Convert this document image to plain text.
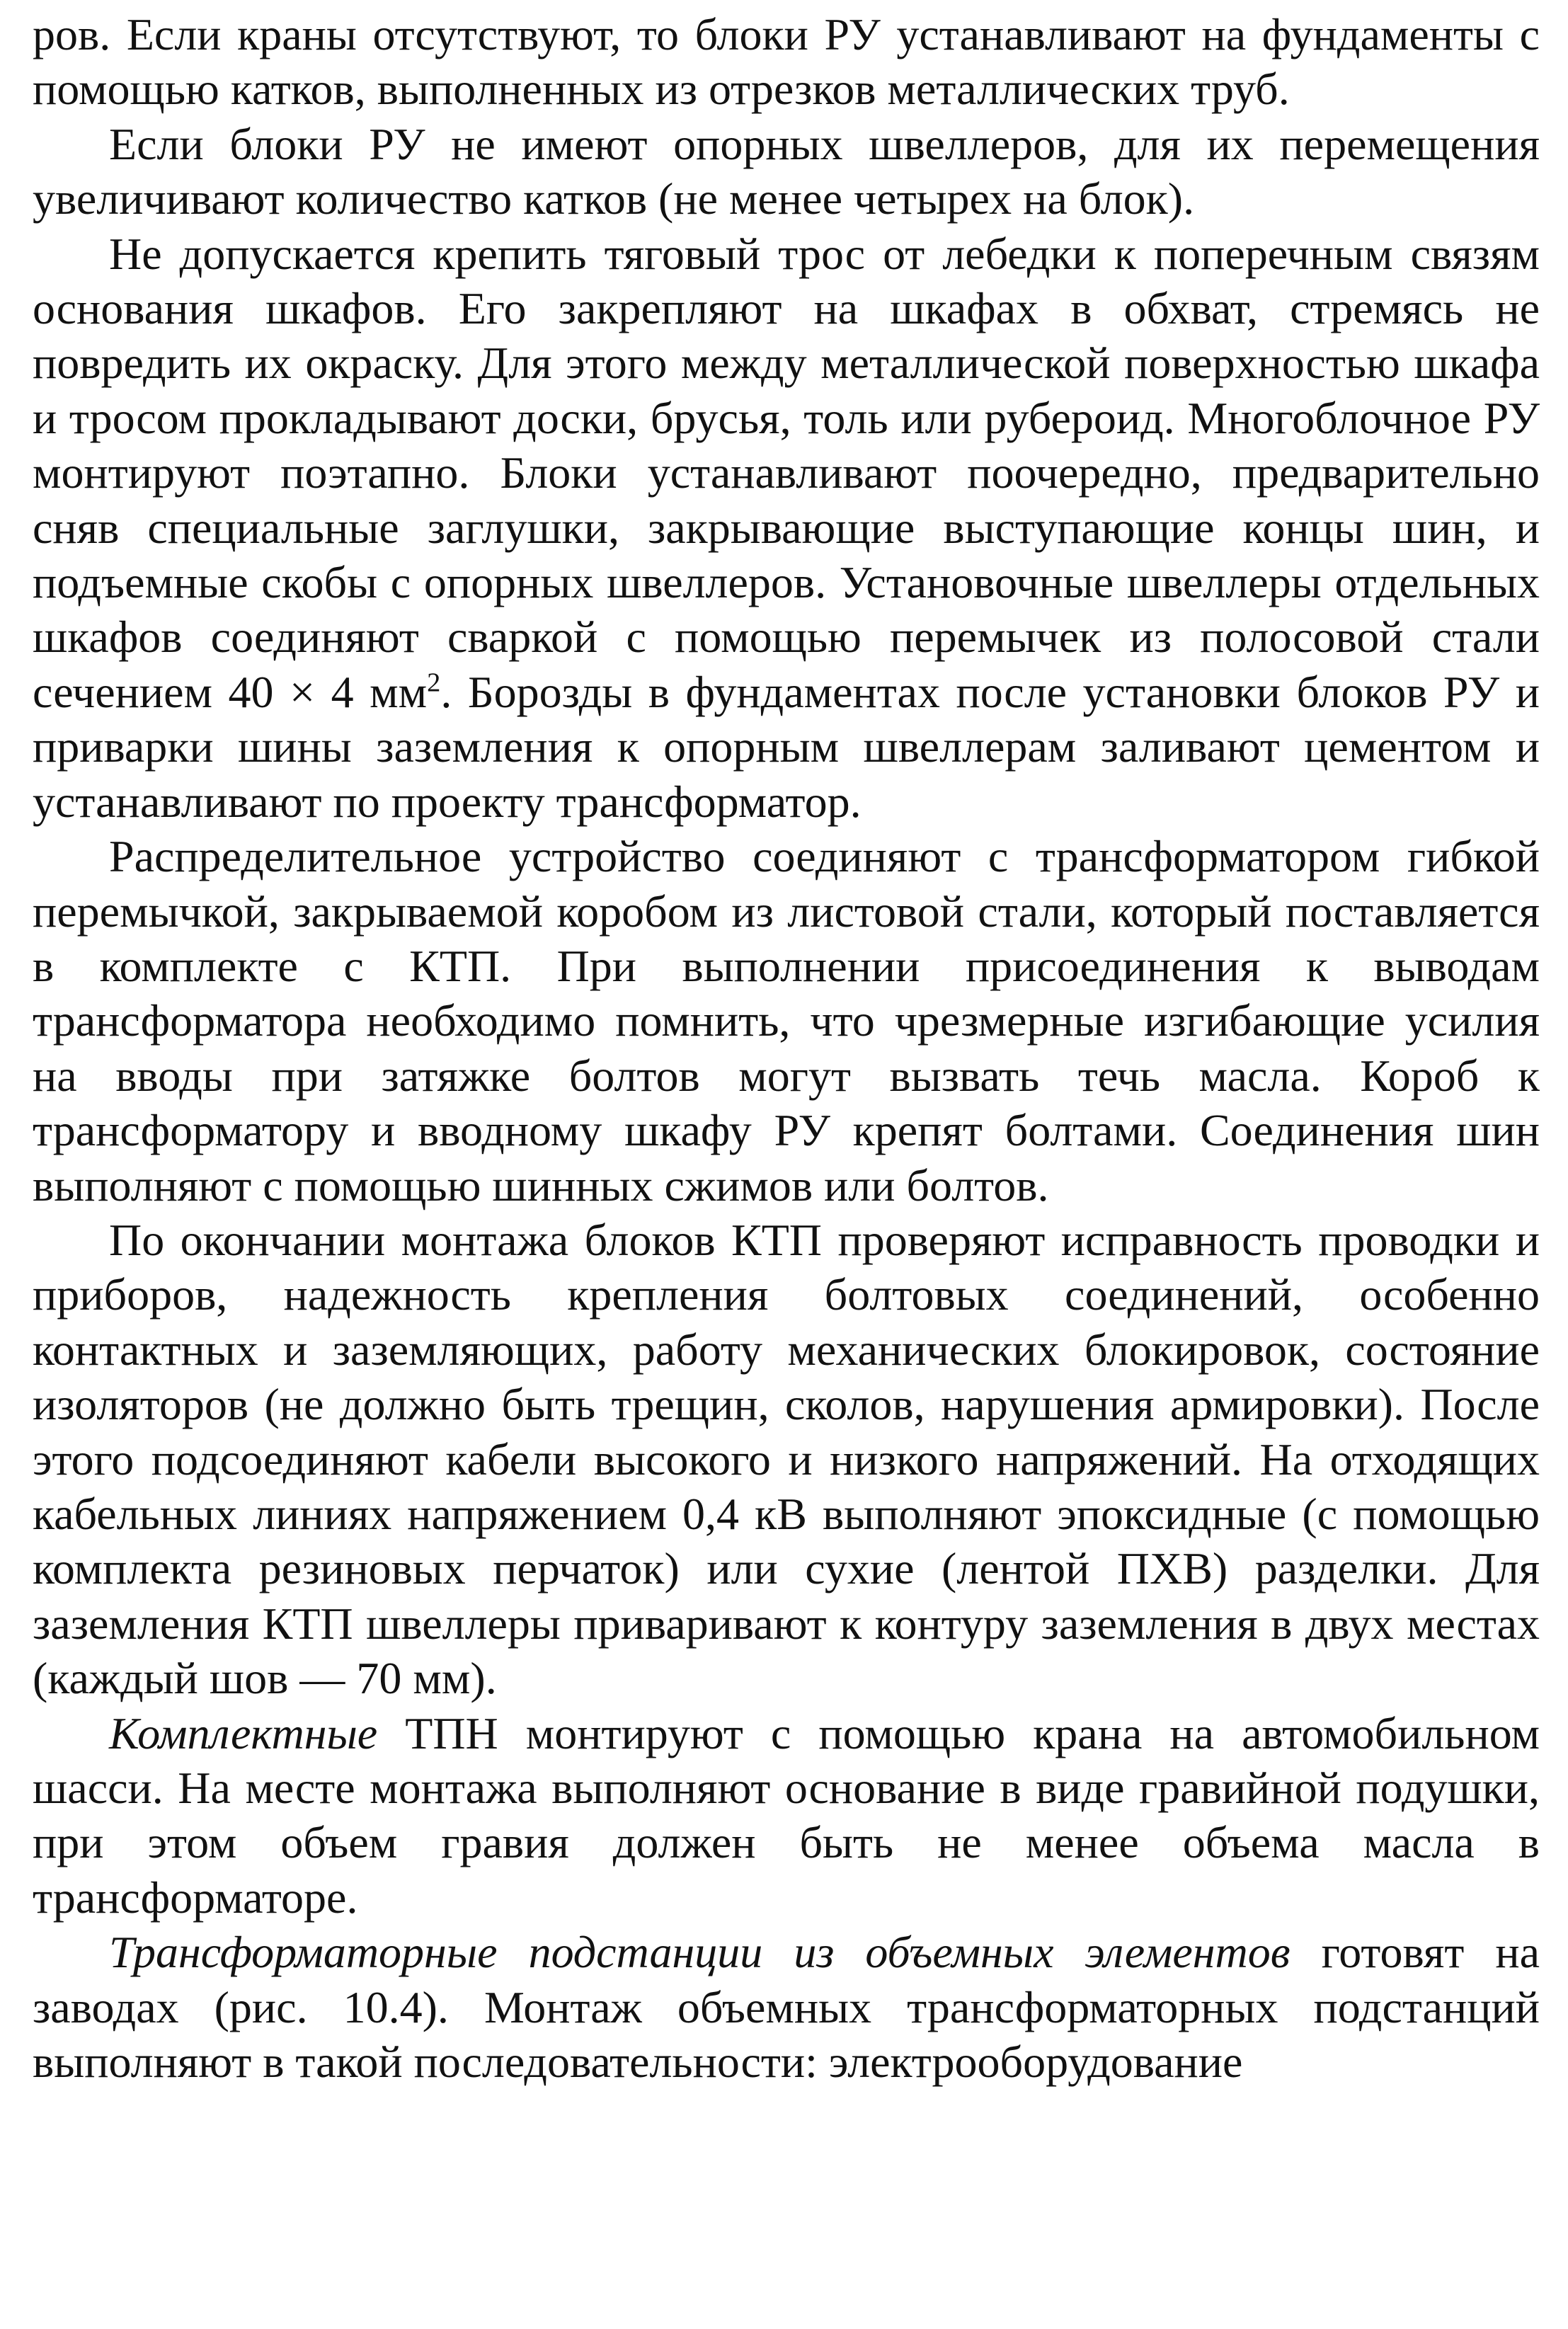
ров. Если краны отсутствуют, то блоки РУ устанавливают на фундаменты с помощью катков, выполненных из отрезков металлических труб.

Если блоки РУ не имеют опорных швеллеров, для их перемещения увеличивают количество катков (не менее четырех на блок).

Не допускается крепить тяговый трос от лебедки к поперечным связям основания шкафов. Его закрепляют на шкафах в обхват, стремясь не повредить их окраску. Для этого между металлической поверхностью шкафа и тросом прокладывают доски, брусья, толь или рубероид. Многоблочное РУ монтируют поэтапно. Блоки устанавливают поочередно, предварительно сняв специальные заглушки, закрывающие выступающие концы шин, и подъемные скобы с опорных швеллеров. Установочные швеллеры отдельных шкафов соединяют сваркой с помощью перемычек из полосовой стали сечением 40 × 4 $мм^2$. Борозды в фундаментах после установки блоков РУ и приварки шины заземления к опорным швеллерам заливают цементом и устанавливают по проекту трансформатор.

Распределительное устройство соединяют с трансформатором гибкой перемычкой, закрываемой коробом из листовой стали, который поставляется в комплекте с КТП. При выполнении присоединения к выводам трансформатора необходимо помнить, что чрезмерные изгибающие усилия на вводы при затяжке болтов могут вызвать течь масла. Короб к трансформатору и вводному шкафу РУ крепят болтами. Соединения шин выполняют с помощью шинных сжимов или болтов.

По окончании монтажа блоков КТП проверяют исправность проводки и приборов, надежность крепления болтовых соединений, особенно контактных и заземляющих, работу механических блокировок, состояние изоляторов (не должно быть трещин, сколов, нарушения армировки). После этого подсоединяют кабели высокого и низкого напряжений. На отходящих кабельных линиях напряжением 0,4 кВ выполняют эпоксидные (с помощью комплекта резиновых перчаток) или сухие (лентой ПХВ) разделки. Для заземления КТП швеллеры приваривают к контуру заземления в двух местах (каждый шов — 70 мм).

Комплектные ТПН монтируют с помощью крана на автомобильном шасси. На месте монтажа выполняют основание в виде гравийной подушки, при этом объем гравия должен быть не менее объема масла в трансформаторе.

Трансформаторные подстанции из объемных элементов готовят на заводах (рис. 10.4). Монтаж объемных трансформаторных подстанций выполняют в такой последовательности: электрооборудование
